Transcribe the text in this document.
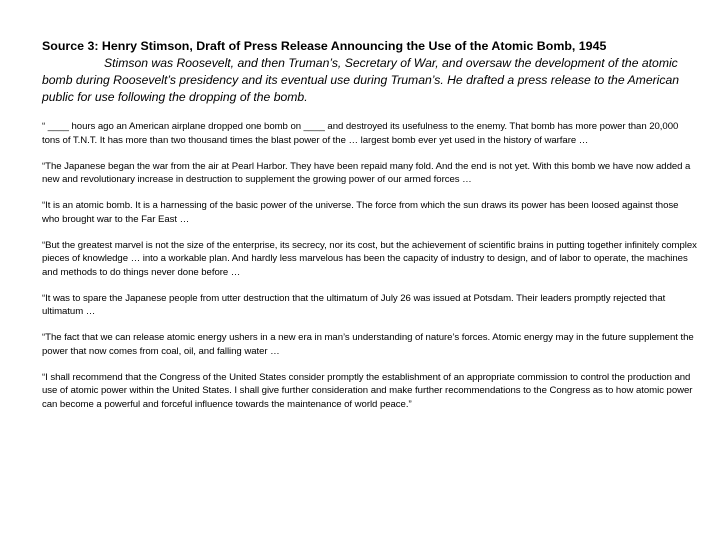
Source 3: Henry Stimson, Draft of Press Release Announcing the Use of the Atomic Bomb, 1945

Stimson was Roosevelt, and then Truman’s, Secretary of War, and oversaw the development of the atomic bomb during Roosevelt’s presidency and its eventual use during Truman’s. He drafted a press release to the American public for use following the dropping of the bomb.

“ ____ hours ago an American airplane dropped one bomb on ____ and destroyed its usefulness to the enemy. That bomb has more power than 20,000 tons of T.N.T. It has more than two thousand times the blast power of the … largest bomb ever yet used in the history of warfare …

“The Japanese began the war from the air at Pearl Harbor. They have been repaid many fold. And the end is not yet. With this bomb we have now added a new and revolutionary increase in destruction to supplement the growing power of our armed forces …

“It is an atomic bomb. It is a harnessing of the basic power of the universe. The force from which the sun draws its power has been loosed against those who brought war to the Far East …

“But the greatest marvel is not the size of the enterprise, its secrecy, nor its cost, but the achievement of scientific brains in putting together infinitely complex pieces of knowledge … into a workable plan. And hardly less marvelous has been the capacity of industry to design, and of labor to operate, the machines and methods to do things never done before …

“It was to spare the Japanese people from utter destruction that the ultimatum of July 26 was issued at Potsdam. Their leaders promptly rejected that ultimatum …

“The fact that we can release atomic energy ushers in a new era in man’s understanding of nature’s forces. Atomic energy may in the future supplement the power that now comes from coal, oil, and falling water …

“I shall recommend that the Congress of the United States consider promptly the establishment of an appropriate commission to control the production and use of atomic power within the United States. I shall give further consideration and make further recommendations to the Congress as to how atomic power can become a powerful and forceful influence towards the maintenance of world peace.”
